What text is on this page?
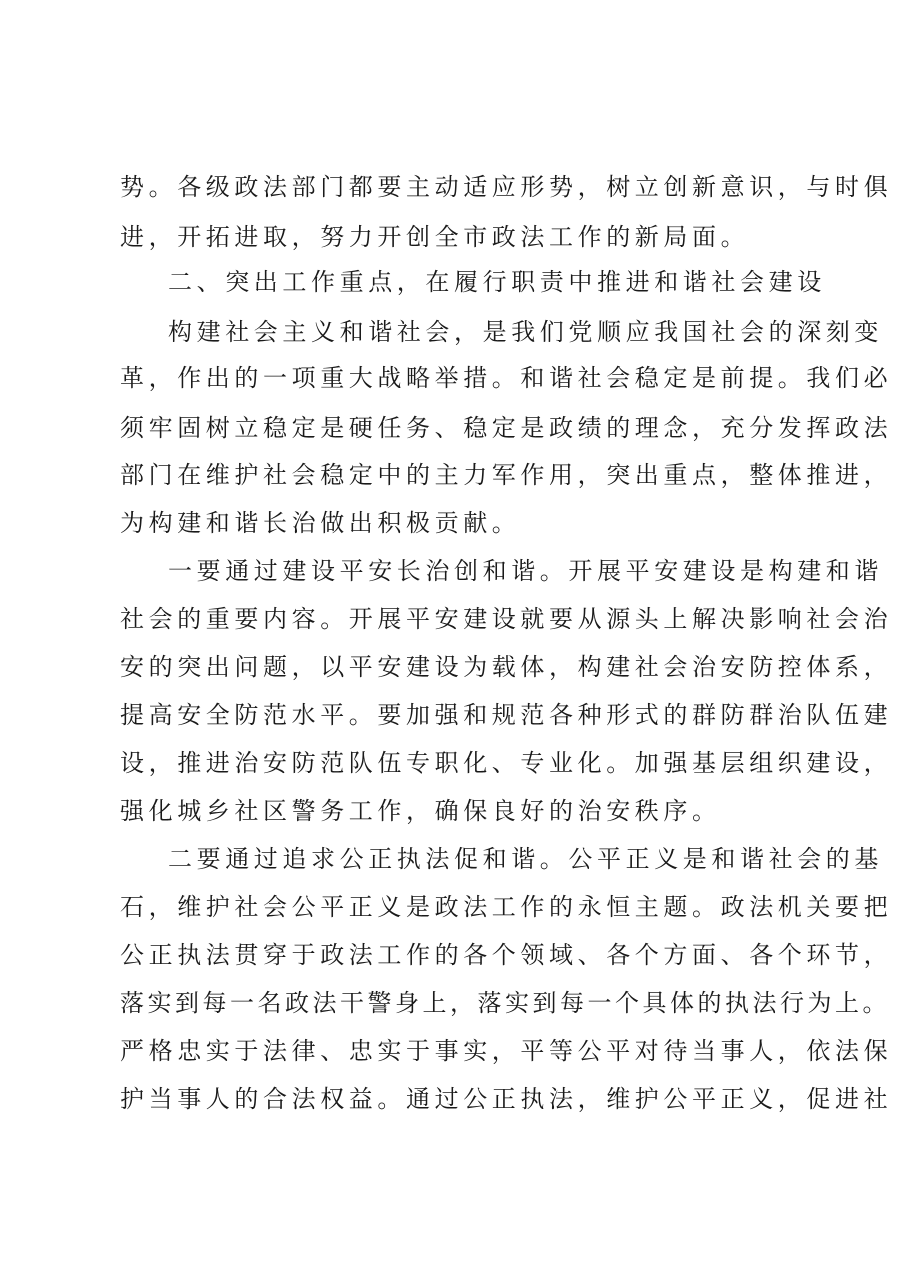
势。各级政法部门都要主动适应形势，树立创新意识，与时俱
进，开拓进取，努力开创全市政法工作的新局面。
二、突出工作重点，在履行职责中推进和谐社会建设
构建社会主义和谐社会，是我们党顺应我国社会的深刻变
革，作出的一项重大战略举措。和谐社会稳定是前提。我们必
须牢固树立稳定是硬任务、稳定是政绩的理念，充分发挥政法
部门在维护社会稳定中的主力军作用，突出重点，整体推进，
为构建和谐长治做出积极贡献。
一要通过建设平安长治创和谐。开展平安建设是构建和谐
社会的重要内容。开展平安建设就要从源头上解决影响社会治
安的突出问题，以平安建设为载体，构建社会治安防控体系，
提高安全防范水平。要加强和规范各种形式的群防群治队伍建
设，推进治安防范队伍专职化、专业化。加强基层组织建设，
强化城乡社区警务工作，确保良好的治安秩序。
二要通过追求公正执法促和谐。公平正义是和谐社会的基
石，维护社会公平正义是政法工作的永恒主题。政法机关要把
公正执法贯穿于政法工作的各个领域、各个方面、各个环节，
落实到每一名政法干警身上，落实到每一个具体的执法行为上。
严格忠实于法律、忠实于事实，平等公平对待当事人，依法保
护当事人的合法权益。通过公正执法，维护公平正义，促进社
